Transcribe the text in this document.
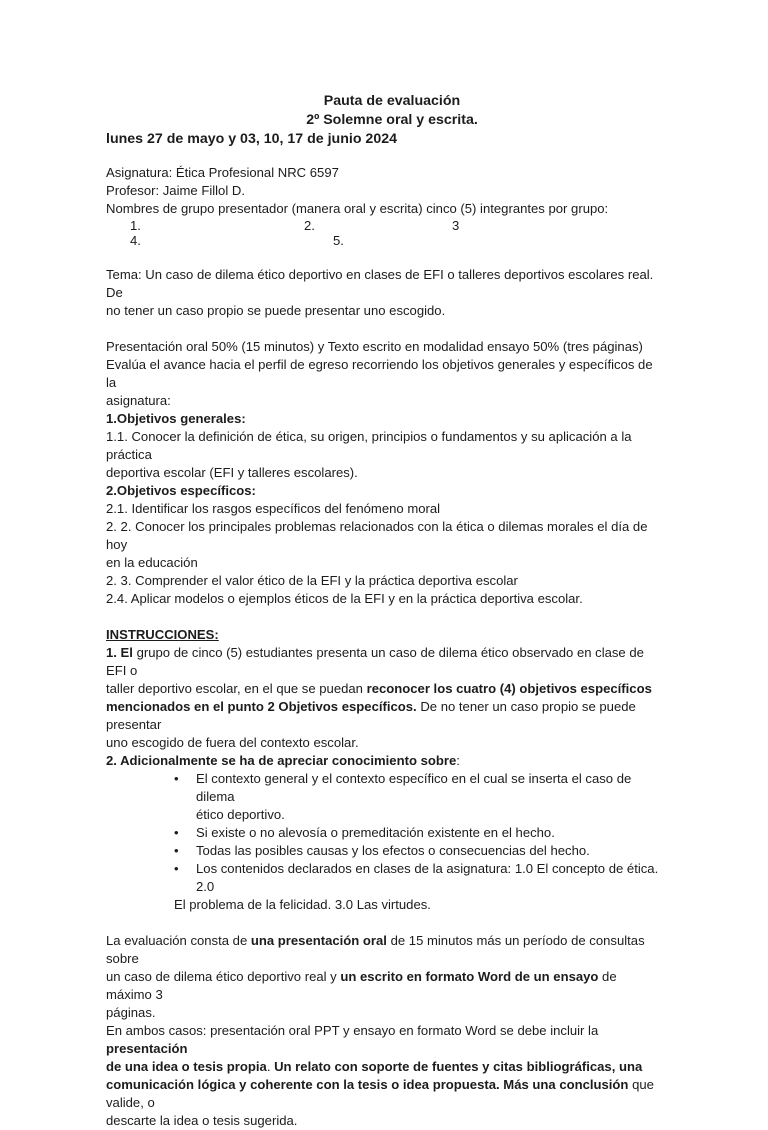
Pauta de evaluación
2º Solemne oral y escrita.
lunes 27 de mayo y 03, 10, 17 de junio 2024

Asignatura: Ética Profesional NRC 6597

Profesor: Jaime Fillol D.

Nombres de grupo presentador (manera oral y escrita) cinco (5) integrantes por grupo:

1.	2.	3
4.	5.

Tema: Un caso de dilema ético deportivo en clases de EFI o talleres deportivos escolares real. De

no tener un caso propio se puede presentar uno escogido.

Presentación oral 50% (15 minutos) y Texto escrito en modalidad ensayo 50% (tres páginas)

Evalúa el avance hacia el perfil de egreso recorriendo los objetivos generales y específicos de la

asignatura:

1.Objetivos generales:

1.1. Conocer la definición de ética, su origen, principios o fundamentos y su aplicación a la práctica

deportiva escolar (EFI y talleres escolares).

2.Objetivos específicos:

2.1. Identificar los rasgos específicos del fenómeno moral

2. 2. Conocer los principales problemas relacionados con la ética o dilemas morales el día de hoy

en la educación

2. 3. Comprender el valor ético de la EFI y la práctica deportiva escolar

2.4. Aplicar modelos o ejemplos éticos de la EFI y en la práctica deportiva escolar.

INSTRUCCIONES:

1. El grupo de cinco (5) estudiantes presenta un caso de dilema ético observado en clase de EFI o

taller deportivo escolar, en el que se puedan reconocer los cuatro (4) objetivos específicos

mencionados en el punto 2 Objetivos específicos. De no tener un caso propio se puede presentar

uno escogido de fuera del contexto escolar.

2. Adicionalmente se ha de apreciar conocimiento sobre:

• El contexto general y el contexto específico en el cual se inserta el caso de dilema
ético deportivo.
• Si existe o no alevosía o premeditación existente en el hecho.
• Todas las posibles causas y los efectos o consecuencias del hecho.
• Los contenidos declarados en clases de la asignatura: 1.0 El concepto de ética. 2.0
El problema de la felicidad. 3.0 Las virtudes.

La evaluación consta de una presentación oral de 15 minutos más un período de consultas sobre

un caso de dilema ético deportivo real y un escrito en formato Word de un ensayo de máximo 3

páginas.

En ambos casos: presentación oral PPT y ensayo en formato Word se debe incluir la presentación

de una idea o tesis propia. Un relato con soporte de fuentes y citas bibliográficas, una

comunicación lógica y coherente con la tesis o idea propuesta. Más una conclusión que valide, o

descarte la idea o tesis sugerida.
